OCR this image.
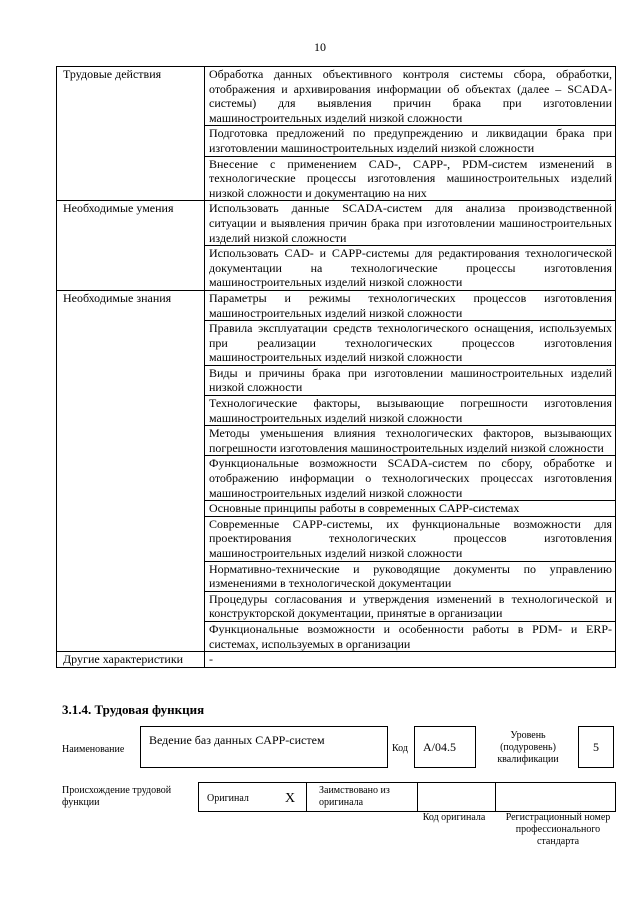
10
Трудовые действия	Обработка данных объективного контроля системы сбора, обработки, отображения и архивирования информации об объектах (далее – SCADA-системы) для выявления причин брака при изготовлении машиностроительных изделий низкой сложности
	Подготовка предложений по предупреждению и ликвидации брака при изготовлении машиностроительных изделий низкой сложности
	Внесение с применением CAD-, CAPP-, PDM-систем изменений в технологические процессы изготовления машиностроительных изделий низкой сложности и документацию на них
Необходимые умения	Использовать данные SCADA-систем для анализа производственной ситуации и выявления причин брака при изготовлении машиностроительных изделий низкой сложности
	Использовать CAD- и CAPP-системы для редактирования технологической документации на технологические процессы изготовления машиностроительных изделий низкой сложности
Необходимые знания	Параметры и режимы технологических процессов изготовления машиностроительных изделий низкой сложности
	Правила эксплуатации средств технологического оснащения, используемых при реализации технологических процессов изготовления машиностроительных изделий низкой сложности
	Виды и причины брака при изготовлении машиностроительных изделий низкой сложности
	Технологические факторы, вызывающие погрешности изготовления машиностроительных изделий низкой сложности
	Методы уменьшения влияния технологических факторов, вызывающих погрешности изготовления машиностроительных изделий низкой сложности
	Функциональные возможности SCADA-систем по сбору, обработке и отображению информации о технологических процессах изготовления машиностроительных изделий низкой сложности
	Основные принципы работы в современных CAPP-системах
	Современные CAPP-системы, их функциональные возможности для проектирования технологических процессов изготовления машиностроительных изделий низкой сложности
	Нормативно-технические и руководящие документы по управлению изменениями в технологической документации
	Процедуры согласования и утверждения изменений в технологической и конструкторской документации, принятые в организации
	Функциональные возможности и особенности работы в PDM- и ERP-системах, используемых в организации
Другие характеристики	-
3.1.4. Трудовая функция
Наименование
Ведение баз данных CAPP-систем
Код	A/04.5
Уровень (подуровень) квалификации
5
Происхождение трудовой функции	Оригинал	X
Заимствовано из оригинала
Код оригинала	Регистрационный номер профессионального стандарта
